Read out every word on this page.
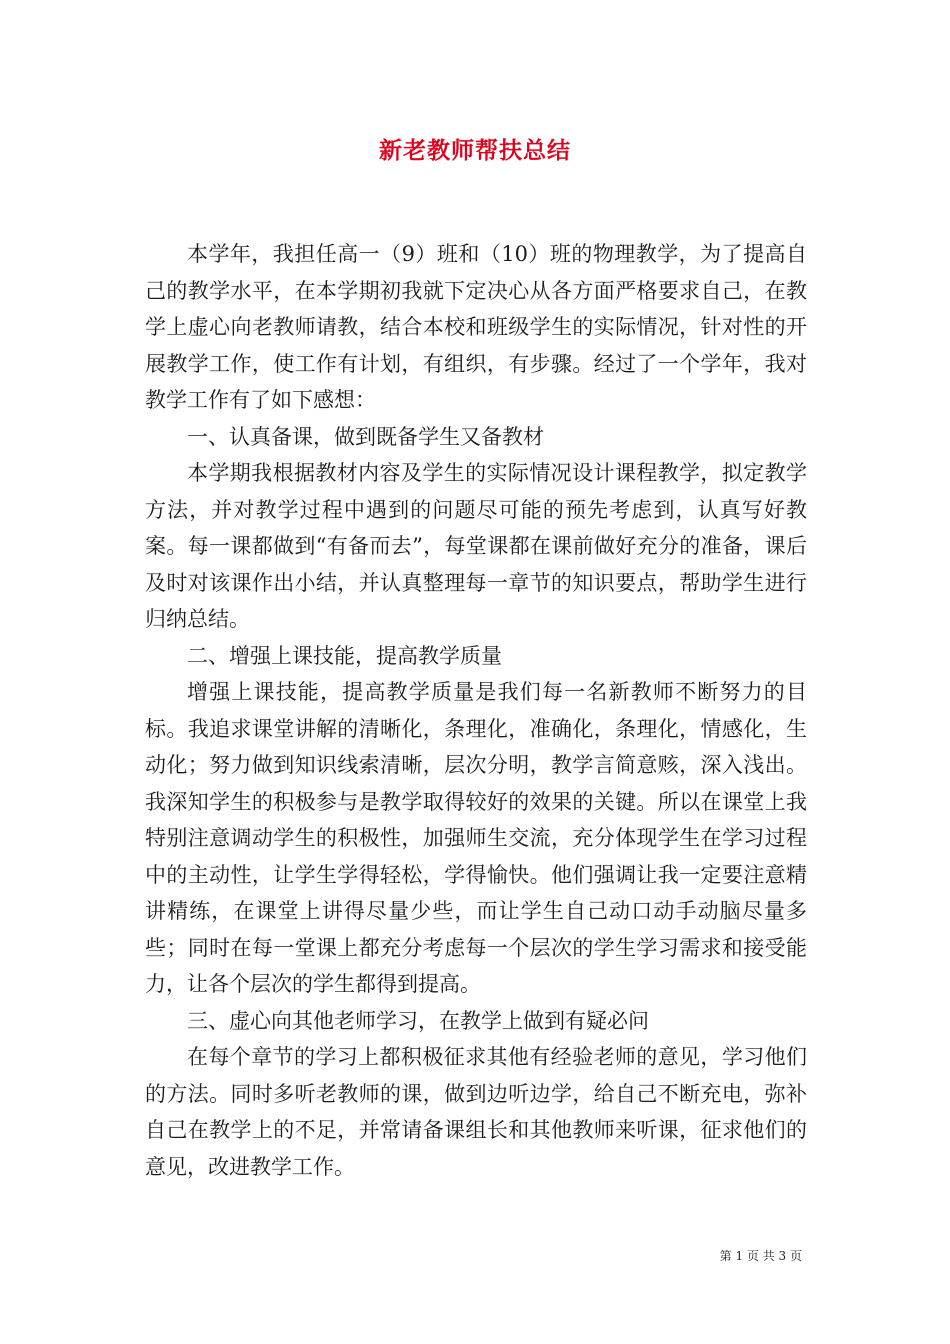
新老教师帮扶总结

本学年，我担任高一（9）班和（10）班的物理教学，为了提高自己的教学水平，在本学期初我就下定决心从各方面严格要求自己，在教学上虚心向老教师请教，结合本校和班级学生的实际情况，针对性的开展教学工作，使工作有计划，有组织，有步骤。经过了一个学年，我对教学工作有了如下感想：

一、认真备课，做到既备学生又备教材

本学期我根据教材内容及学生的实际情况设计课程教学，拟定教学方法，并对教学过程中遇到的问题尽可能的预先考虑到，认真写好教案。每一课都做到“有备而去”，每堂课都在课前做好充分的准备，课后及时对该课作出小结，并认真整理每一章节的知识要点，帮助学生进行归纳总结。

二、增强上课技能，提高教学质量

增强上课技能，提高教学质量是我们每一名新教师不断努力的目标。我追求课堂讲解的清晰化，条理化，准确化，条理化，情感化，生动化；努力做到知识线索清晰，层次分明，教学言简意赅，深入浅出。我深知学生的积极参与是教学取得较好的效果的关键。所以在课堂上我特别注意调动学生的积极性，加强师生交流，充分体现学生在学习过程中的主动性，让学生学得轻松，学得愉快。他们强调让我一定要注意精讲精练，在课堂上讲得尽量少些，而让学生自己动口动手动脑尽量多些；同时在每一堂课上都充分考虑每一个层次的学生学习需求和接受能力，让各个层次的学生都得到提高。

三、虚心向其他老师学习，在教学上做到有疑必问

在每个章节的学习上都积极征求其他有经验老师的意见，学习他们的方法。同时多听老教师的课，做到边听边学，给自己不断充电，弥补自己在教学上的不足，并常请备课组长和其他教师来听课，征求他们的意见，改进教学工作。

第 1 页 共 3 页
